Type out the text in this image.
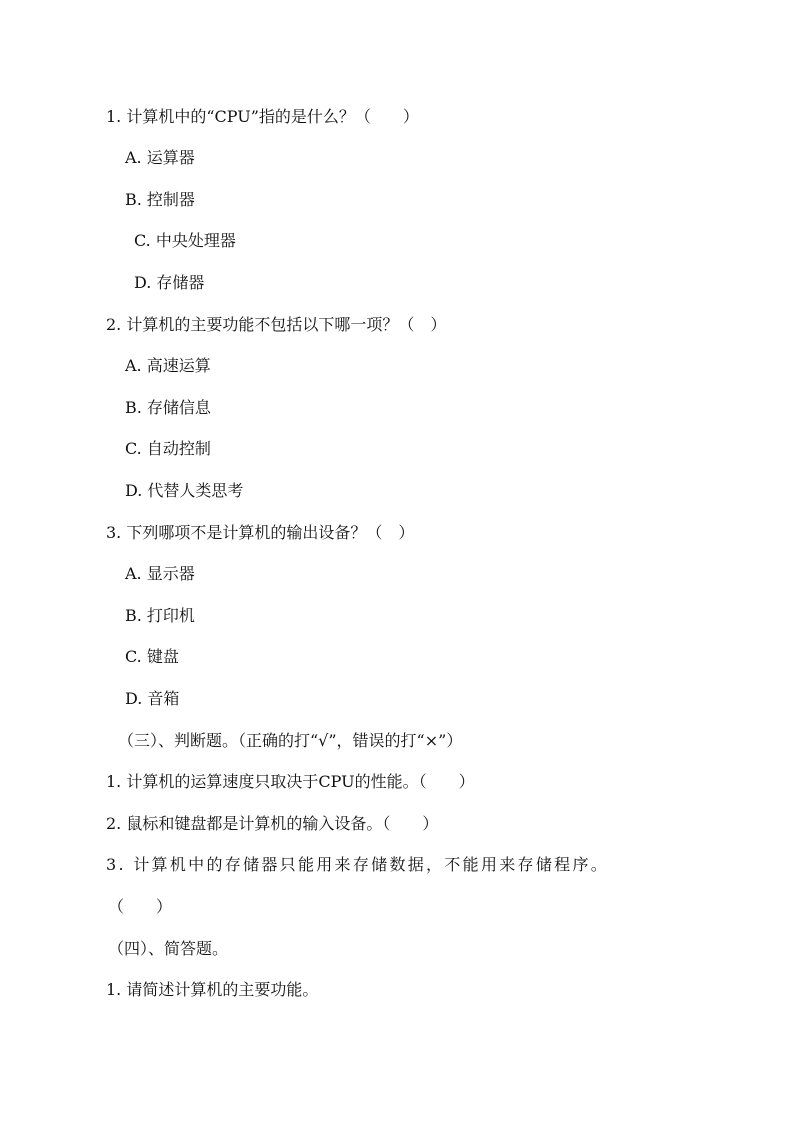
1. 计算机中的“CPU”指的是什么？（　　）
A. 运算器
B. 控制器
C. 中央处理器
D. 存储器
2. 计算机的主要功能不包括以下哪一项？（　）
A. 高速运算
B. 存储信息
C. 自动控制
D. 代替人类思考
3. 下列哪项不是计算机的输出设备？（　）
A. 显示器
B. 打印机
C. 键盘
D. 音箱
（三）、判断题。（正确的打“√”，错误的打“×”）
1. 计算机的运算速度只取决于CPU的性能。（　　）
2. 鼠标和键盘都是计算机的输入设备。（　　）
3. 计算机中的存储器只能用来存储数据，不能用来存储程序。
（　　）
（四）、简答题。
1. 请简述计算机的主要功能。
